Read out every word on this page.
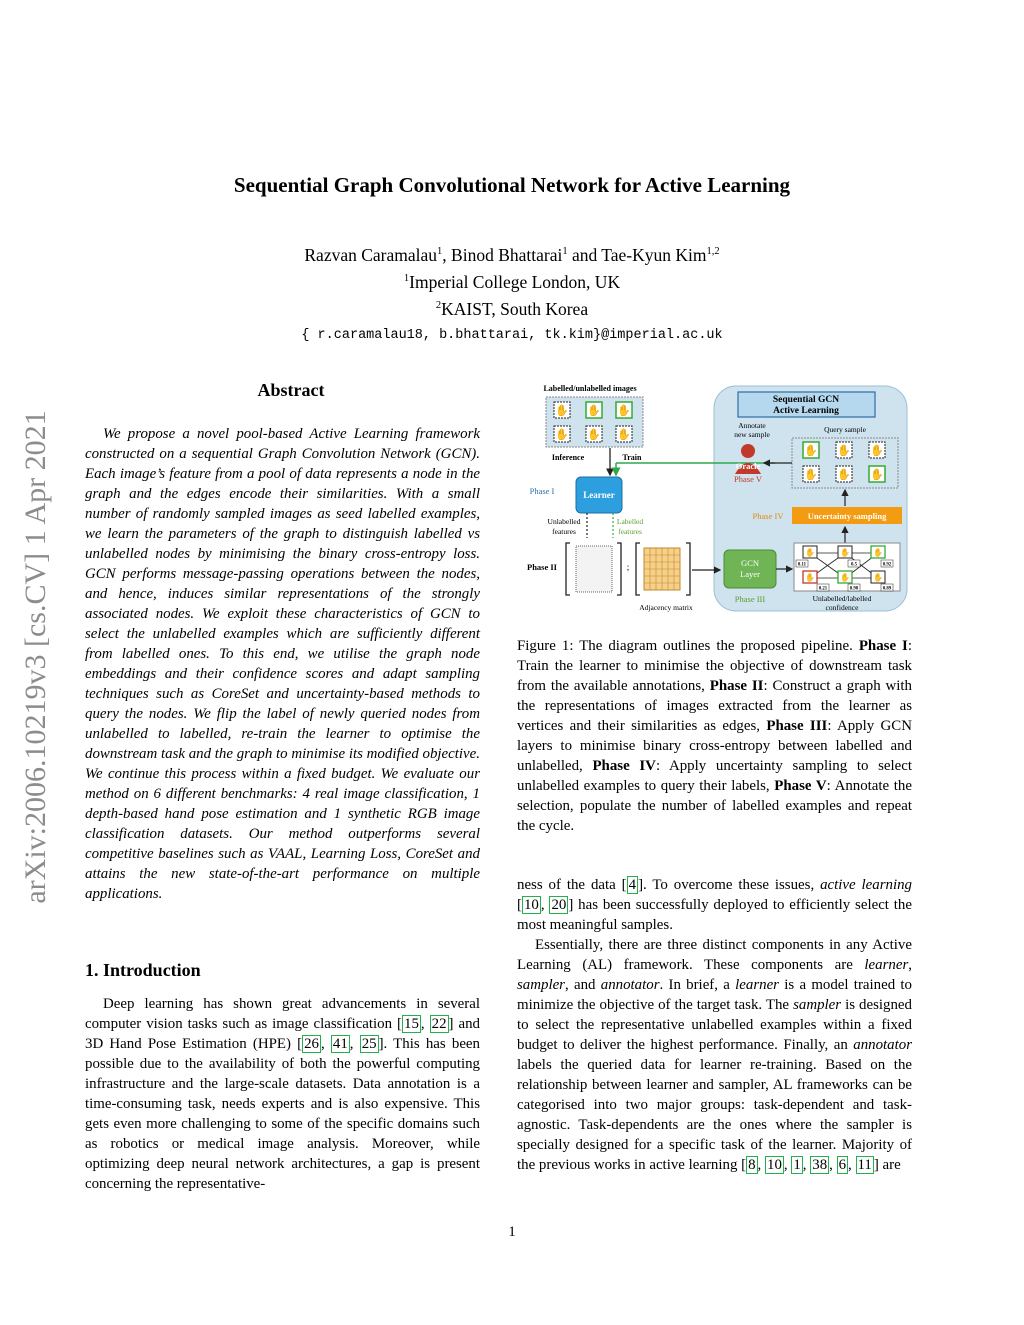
Sequential Graph Convolutional Network for Active Learning
Razvan Caramalau$^1$, Binod Bhattarai$^1$ and Tae-Kyun Kim$^{1,2}$
$^1$Imperial College London, UK
$^2$KAIST, South Korea
{ r.caramalau18, b.bhattarai, tk.kim}@imperial.ac.uk
arXiv:2006.10219v3 [cs.CV] 1 Apr 2021
Abstract
We propose a novel pool-based Active Learning framework constructed on a sequential Graph Convolution Network (GCN). Each image’s feature from a pool of data represents a node in the graph and the edges encode their similarities. With a small number of randomly sampled images as seed labelled examples, we learn the parameters of the graph to distinguish labelled vs unlabelled nodes by minimising the binary cross-entropy loss. GCN performs message-passing operations between the nodes, and hence, induces similar representations of the strongly associated nodes. We exploit these characteristics of GCN to select the unlabelled examples which are sufficiently different from labelled ones. To this end, we utilise the graph node embeddings and their confidence scores and adapt sampling techniques such as CoreSet and uncertainty-based methods to query the nodes. We flip the label of newly queried nodes from unlabelled to labelled, re-train the learner to optimise the downstream task and the graph to minimise its modified objective. We continue this process within a fixed budget. We evaluate our method on 6 different benchmarks: 4 real image classification, 1 depth-based hand pose estimation and 1 synthetic RGB image classification datasets. Our method outperforms several competitive baselines such as VAAL, Learning Loss, CoreSet and attains the new state-of-the-art performance on multiple applications.
1. Introduction
Deep learning has shown great advancements in several computer vision tasks such as image classification [ 15 , 22 ] and 3D Hand Pose Estimation (HPE) [ 26 , 41 , 25 ]. This has been possible due to the availability of both the powerful computing infrastructure and the large-scale datasets. Data annotation is a time-consuming task, needs experts and is also expensive. This gets even more challenging to some of the specific domains such as robotics or medical image analysis. Moreover, while optimizing deep neural network architectures, a gap is present concerning the representative-
Sequential GCN Active Learning
Labelled/unlabelled images
✋ ✋ ✋
✋ ✋ ✋
Inference	Train
Phase I	Learner
Unlabelled features
Labelled features
Phase II	;
Adjacency matrix
Annotate new sample
Oracle
Phase V
Query sample
✋ ✋ ✋
✋ ✋ ✋
Phase IV	Uncertainty sampling
GCN Layer
Phase III
✋	✋	✋
✋	✋	✋
0.11	0.5	0.92
0.21	0.98	0.89
Unlabelled/labelled confidence
Figure 1: The diagram outlines the proposed pipeline. Phase I: Train the learner to minimise the objective of downstream task from the available annotations, Phase II: Construct a graph with the representations of images extracted from the learner as vertices and their similarities as edges, Phase III: Apply GCN layers to minimise binary cross-entropy between labelled and unlabelled, Phase IV: Apply uncertainty sampling to select unlabelled examples to query their labels, Phase V: Annotate the selection, populate the number of labelled examples and repeat the cycle.

ness of the data [ 4 ]. To overcome these issues, active learning [ 10 , 20 ] has been successfully deployed to efficiently select the most meaningful samples.

Essentially, there are three distinct components in any Active Learning (AL) framework. These components are learner, sampler, and annotator. In brief, a learner is a model trained to minimize the objective of the target task. The sampler is designed to select the representative unlabelled examples within a fixed budget to deliver the highest performance. Finally, an annotator labels the queried data for learner re-training. Based on the relationship between learner and sampler, AL frameworks can be categorised into two major groups: task-dependent and task-agnostic. Task-dependents are the ones where the sampler is specially designed for a specific task of the learner. Majority of the previous works in active learning [ 8 , 10 , 1 , 38 , 6 , 11 ] are

1
